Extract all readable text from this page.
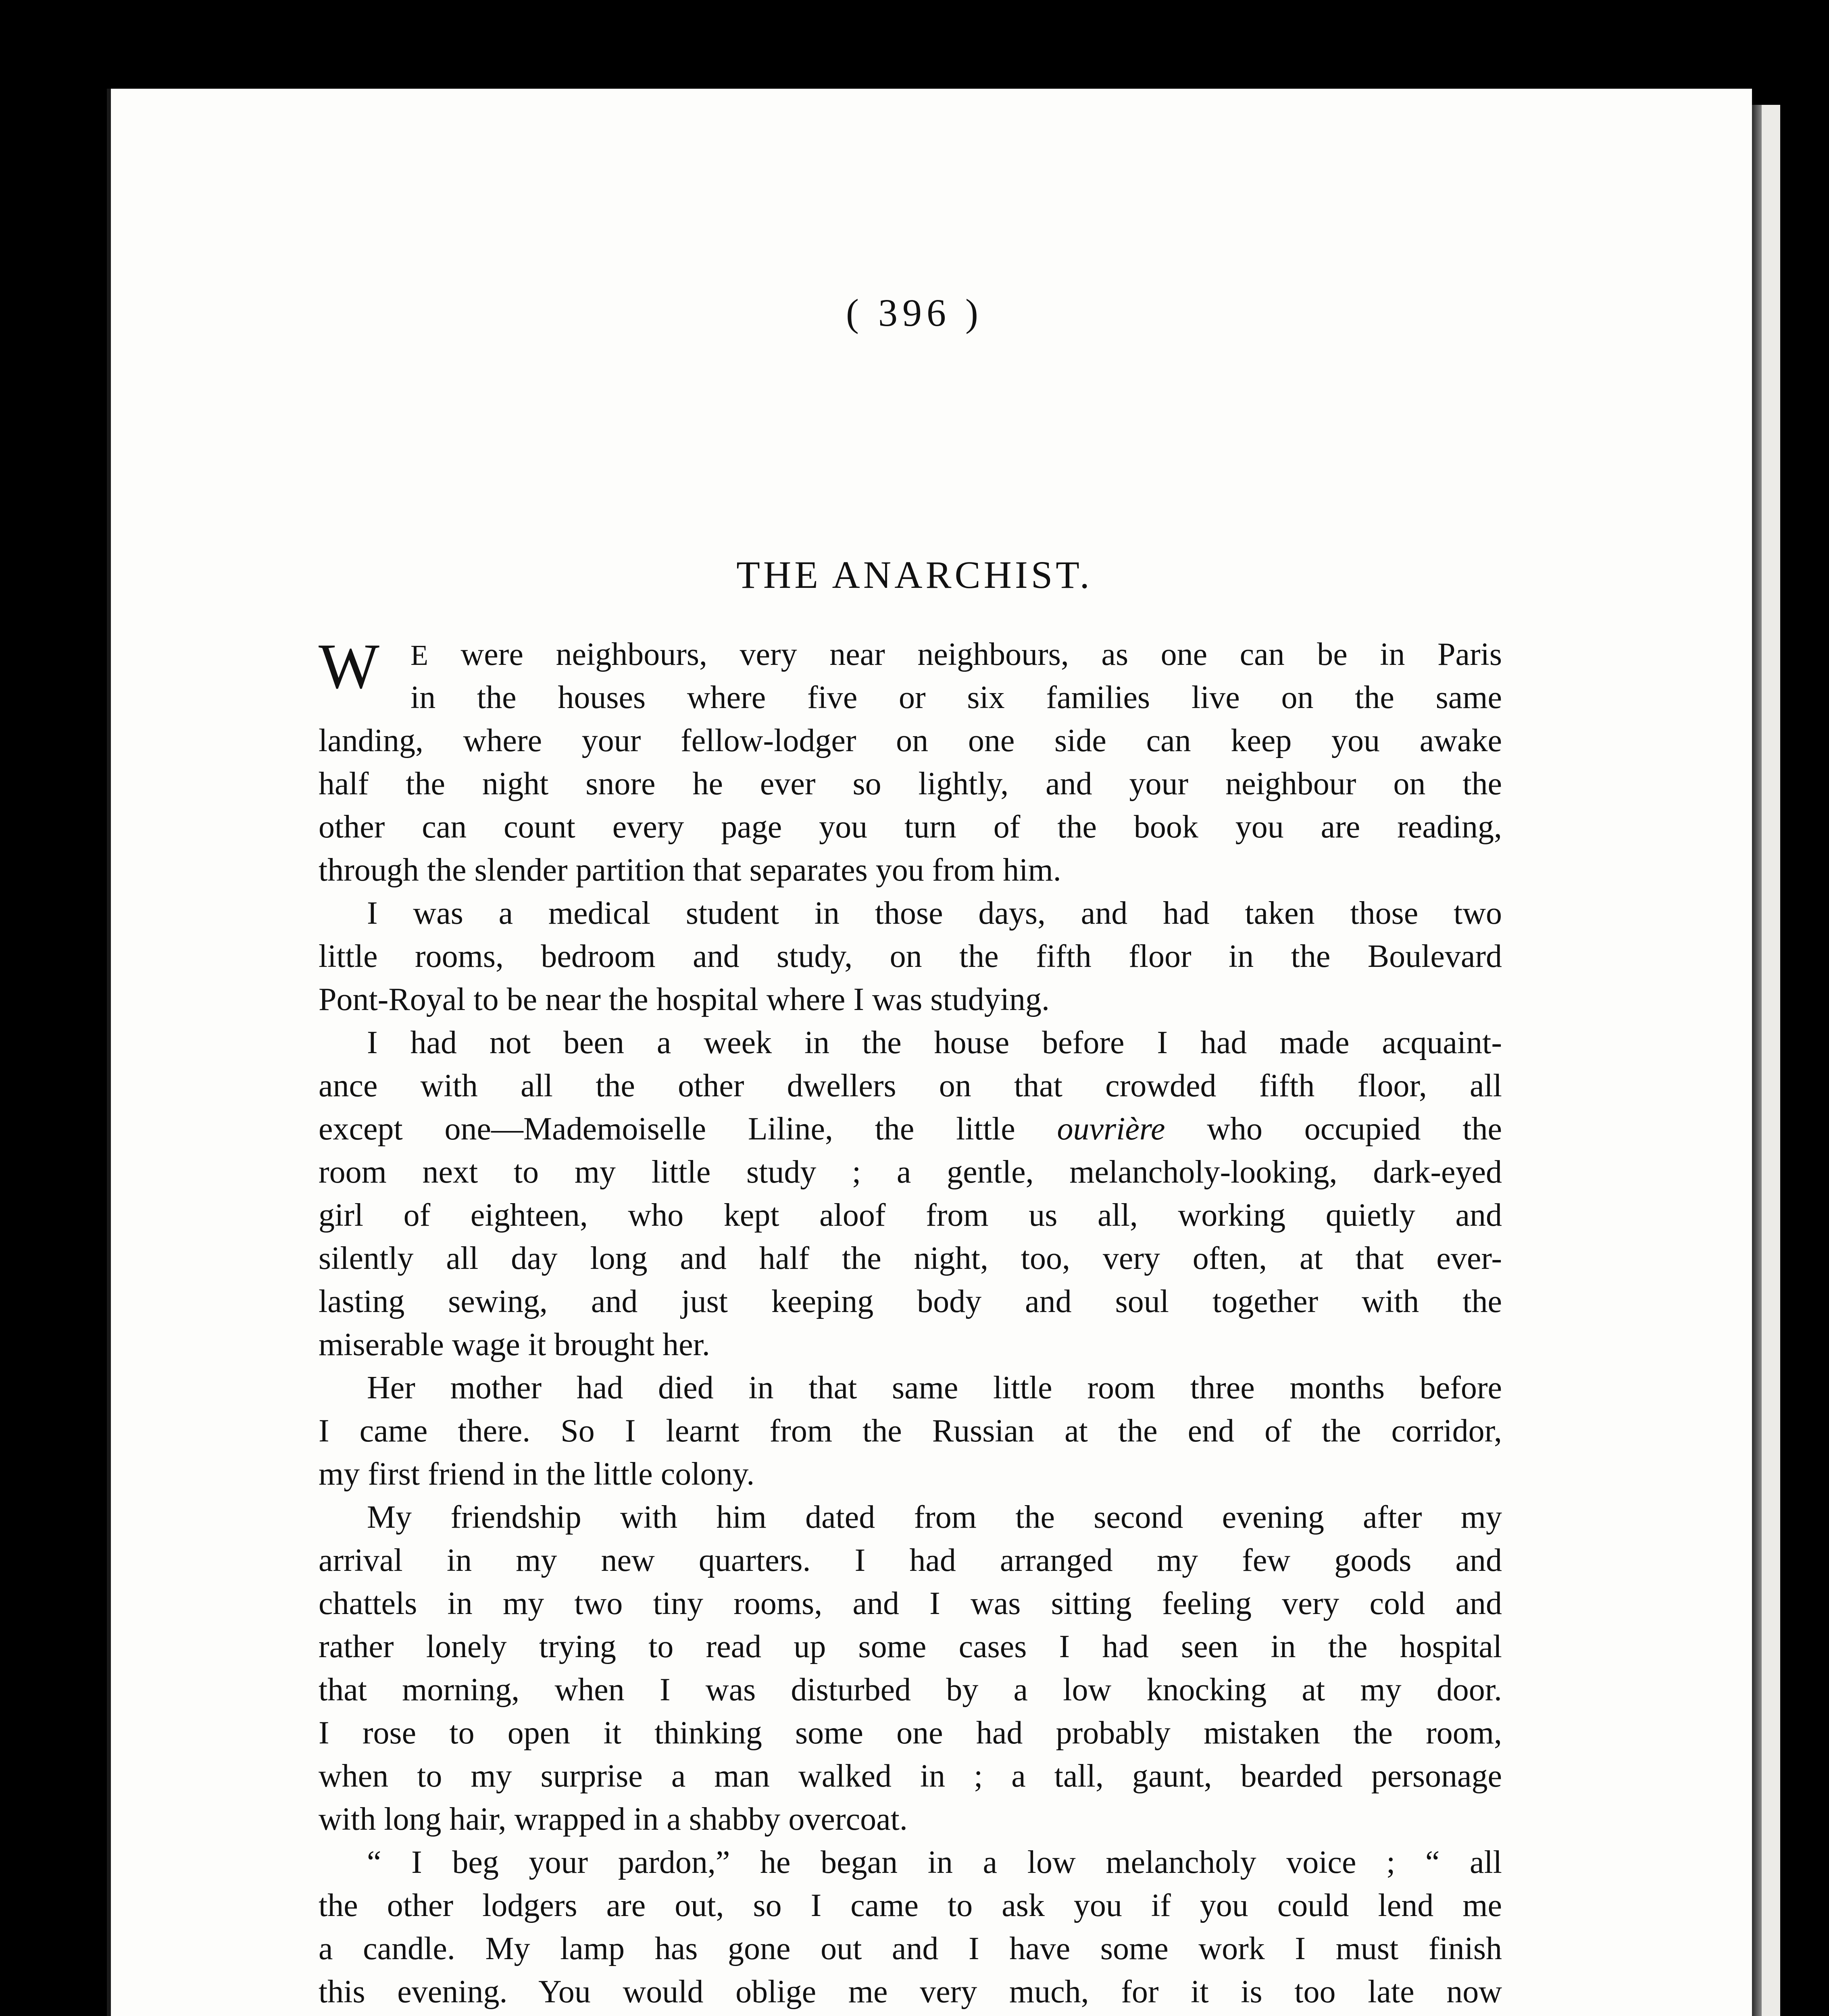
( 396 )
THE ANARCHIST.
W	E were neighbours, very near neighbours, as one can be in Paris
in the houses where five or six families live on the same
landing, where your fellow-lodger on one side can keep you awake
half the night snore he ever so lightly, and your neighbour on the
other can count every page you turn of the book you are reading,
through the slender partition that separates you from him.
I was a medical student in those days, and had taken those two
little rooms, bedroom and study, on the fifth floor in the Boulevard
Pont-Royal to be near the hospital where I was studying.
I had not been a week in the house before I had made acquaint-
ance with all the other dwellers on that crowded fifth floor, all
except one—Mademoiselle Liline, the little ouvrière who occupied the
room next to my little study ; a gentle, melancholy-looking, dark-eyed
girl of eighteen, who kept aloof from us all, working quietly and
silently all day long and half the night, too, very often, at that ever-
lasting sewing, and just keeping body and soul together with the
miserable wage it brought her.
Her mother had died in that same little room three months before
I came there. So I learnt from the Russian at the end of the corridor,
my first friend in the little colony.
My friendship with him dated from the second evening after my
arrival in my new quarters. I had arranged my few goods and
chattels in my two tiny rooms, and I was sitting feeling very cold and
rather lonely trying to read up some cases I had seen in the hospital
that morning, when I was disturbed by a low knocking at my door.
I rose to open it thinking some one had probably mistaken the room,
when to my surprise a man walked in ; a tall, gaunt, bearded personage
with long hair, wrapped in a shabby overcoat.
“ I beg your pardon,” he began in a low melancholy voice ; “ all
the other lodgers are out, so I came to ask you if you could lend me
a candle. My lamp has gone out and I have some work I must finish
this evening. You would oblige me very much, for it is too late now
